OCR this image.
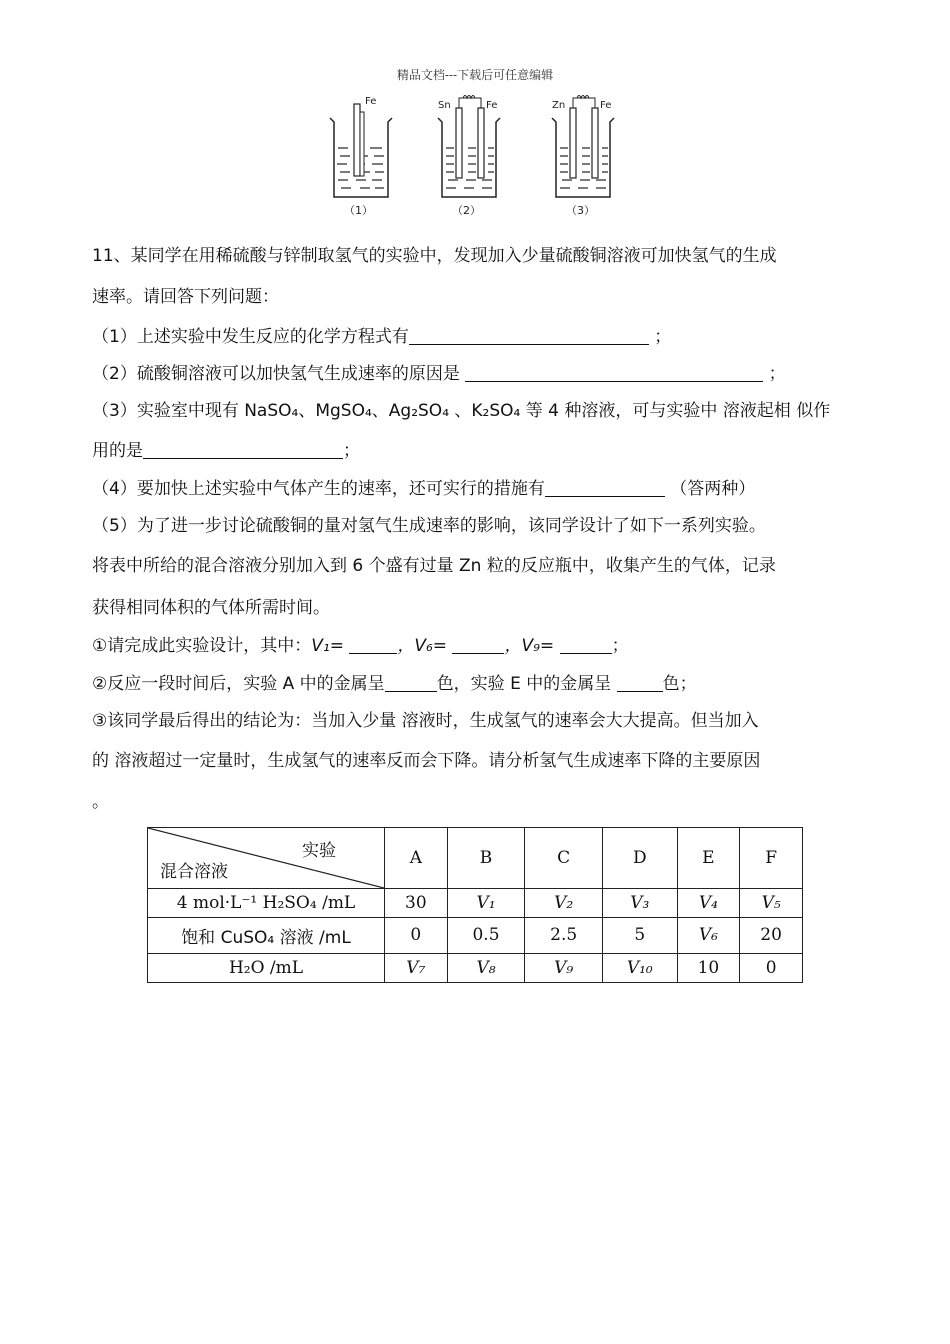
精品文档---下载后可任意编辑
Fe
（1）
Sn	Fe
（2）
Zn	Fe
（3）
11、某同学在用稀硫酸与锌制取氢气的实验中，发现加入少量硫酸铜溶液可加快氢气的生成
速率。请回答下列问题：
（1）上述实验中发生反应的化学方程式有	；
（2）硫酸铜溶液可以加快氢气生成速率的原因是	；
（3）实验室中现有 NaSO₄、MgSO₄、Ag₂SO₄ 、K₂SO₄ 等 4 种溶液，可与实验中 溶液起相 似作
用的是	；
（4）要加快上述实验中气体产生的速率，还可实行的措施有	（答两种）
（5）为了进一步讨论硫酸铜的量对氢气生成速率的影响，该同学设计了如下一系列实验。
将表中所给的混合溶液分别加入到 6 个盛有过量 Zn 粒的反应瓶中，收集产生的气体，记录
获得相同体积的气体所需时间。
①请完成此实验设计，其中：V₁=	，V₆=	，V₉=	；
②反应一段时间后，实验 A 中的金属呈	色，实验 E 中的金属呈	色；
③该同学最后得出的结论为：当加入少量 溶液时，生成氢气的速率会大大提高。但当加入
的 溶液超过一定量时，生成氢气的速率反而会下降。请分析氢气生成速率下降的主要原因
。
实验
混合溶液	A	B	C	D	E	F
4 mol·L⁻¹ H₂SO₄ /mL	30	V₁	V₂	V₃	V₄	V₅
饱和 CuSO₄ 溶液 /mL	0	0.5	2.5	5	V₆	20
H₂O /mL	V₇	V₈	V₉	V₁₀	10	0
